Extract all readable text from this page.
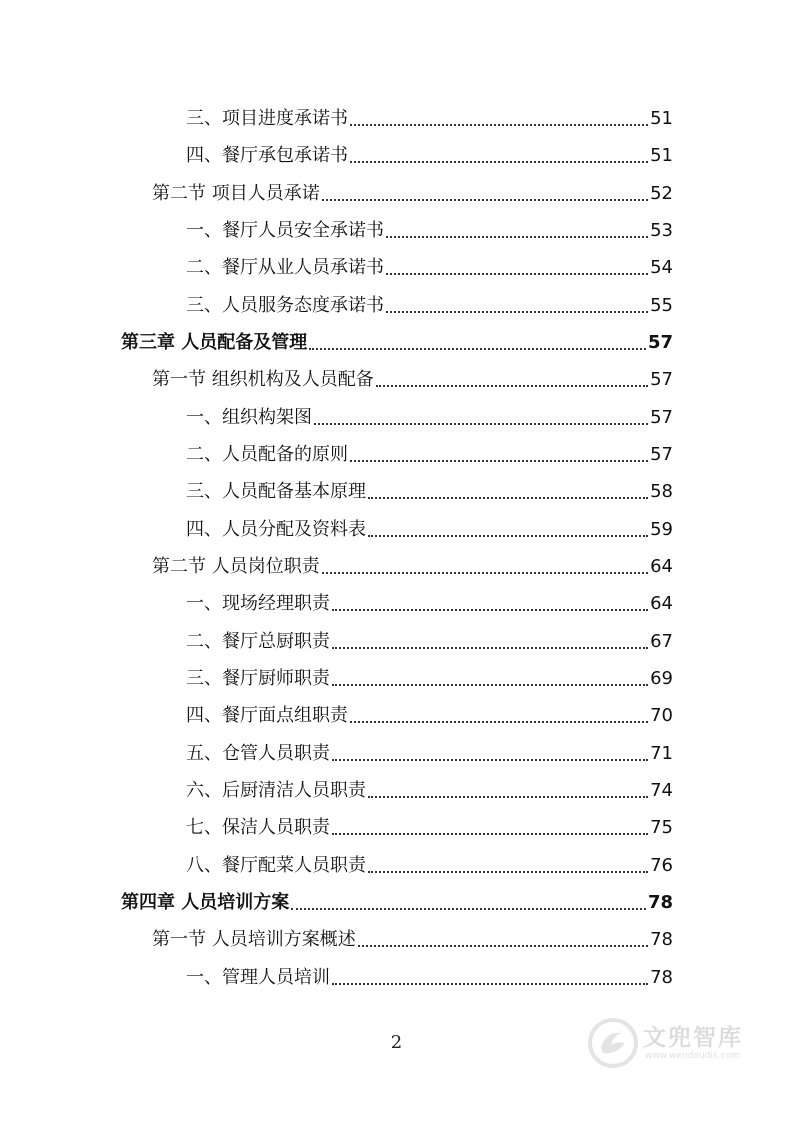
三、项目进度承诺书	51
四、餐厅承包承诺书	51
第二节 项目人员承诺	52
一、餐厅人员安全承诺书	53
二、餐厅从业人员承诺书	54
三、人员服务态度承诺书	55
第三章 人员配备及管理	57
第一节 组织机构及人员配备	57
一、组织构架图	57
二、人员配备的原则	57
三、人员配备基本原理	58
四、人员分配及资料表	59
第二节 人员岗位职责	64
一、现场经理职责	64
二、餐厅总厨职责	67
三、餐厅厨师职责	69
四、餐厅面点组职责	70
五、仓管人员职责	71
六、后厨清洁人员职责	74
七、保洁人员职责	75
八、餐厅配菜人员职责	76
第四章 人员培训方案	78
第一节 人员培训方案概述	78
一、管理人员培训	78
2	文兜智库
www.wendoudik.com
